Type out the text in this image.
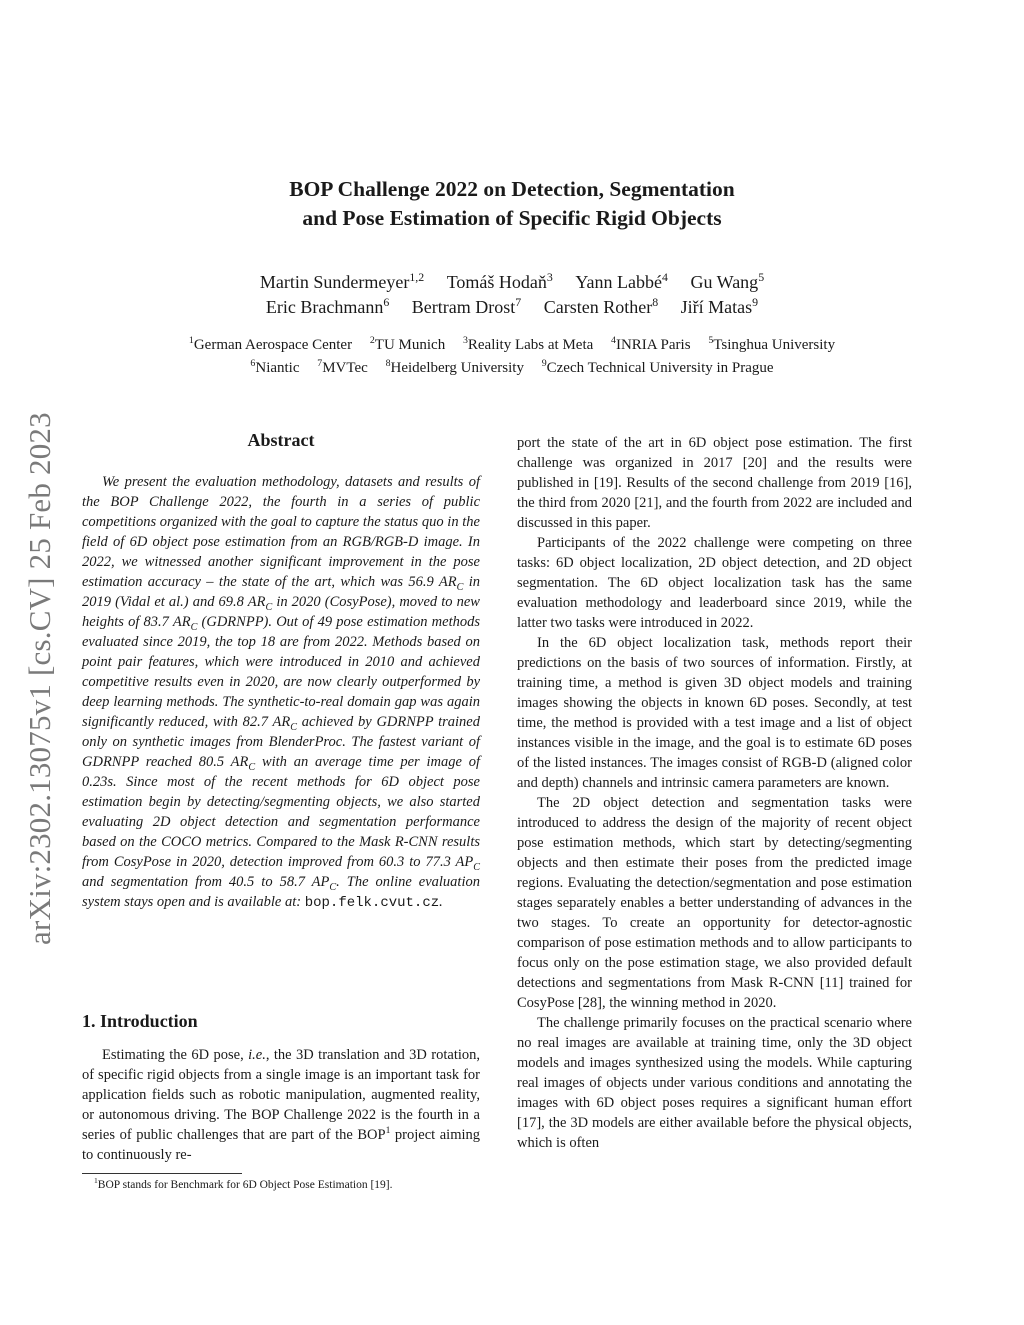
arXiv:2302.13075v1 [cs.CV] 25 Feb 2023
BOP Challenge 2022 on Detection, Segmentation
and Pose Estimation of Specific Rigid Objects
Martin Sundermeyer$^{1,2}$ Tomáš Hodaň$^3$ Yann Labbé$^4$ Gu Wang$^5$
Eric Brachmann$^6$ Bertram Drost$^7$ Carsten Rother$^8$ Jiří Matas$^9$
$^1$German Aerospace Center $^2$TU Munich $^3$Reality Labs at Meta $^4$INRIA Paris $^5$Tsinghua University
$^6$Niantic $^7$MVTec $^8$Heidelberg University $^9$Czech Technical University in Prague
Abstract
We present the evaluation methodology, datasets and results of the BOP Challenge 2022, the fourth in a series of public competitions organized with the goal to capture the status quo in the field of 6D object pose estimation from an RGB/RGB-D image. In 2022, we witnessed another significant improvement in the pose estimation accuracy – the state of the art, which was 56.9 $AR_C$ in 2019 (Vidal et al.) and 69.8 $AR_C$ in 2020 (CosyPose), moved to new heights of 83.7 $AR_C$ (GDRNPP). Out of 49 pose estimation methods evaluated since 2019, the top 18 are from 2022. Methods based on point pair features, which were introduced in 2010 and achieved competitive results even in 2020, are now clearly outperformed by deep learning methods. The synthetic-to-real domain gap was again significantly reduced, with 82.7 $AR_C$ achieved by GDRNPP trained only on synthetic images from BlenderProc. The fastest variant of GDRNPP reached 80.5 $AR_C$ with an average time per image of 0.23s. Since most of the recent methods for 6D object pose estimation begin by detecting/segmenting objects, we also started evaluating 2D object detection and segmentation performance based on the COCO metrics. Compared to the Mask R-CNN results from CosyPose in 2020, detection improved from 60.3 to 77.3 $AP_C$ and segmentation from 40.5 to 58.7 $AP_C$. The online evaluation system stays open and is available at: bop.felk.cvut.cz.
1. Introduction
Estimating the 6D pose, i.e., the 3D translation and 3D rotation, of specific rigid objects from a single image is an important task for application fields such as robotic manipulation, augmented reality, or autonomous driving. The BOP Challenge 2022 is the fourth in a series of public challenges that are part of the BOP$^1$ project aiming to continuously re-
$^1$BOP stands for Benchmark for 6D Object Pose Estimation [19].

port the state of the art in 6D object pose estimation. The first challenge was organized in 2017 [20] and the results were published in [19]. Results of the second challenge from 2019 [16], the third from 2020 [21], and the fourth from 2022 are included and discussed in this paper.

Participants of the 2022 challenge were competing on three tasks: 6D object localization, 2D object detection, and 2D object segmentation. The 6D object localization task has the same evaluation methodology and leaderboard since 2019, while the latter two tasks were introduced in 2022.

In the 6D object localization task, methods report their predictions on the basis of two sources of information. Firstly, at training time, a method is given 3D object models and training images showing the objects in known 6D poses. Secondly, at test time, the method is provided with a test image and a list of object instances visible in the image, and the goal is to estimate 6D poses of the listed instances. The images consist of RGB-D (aligned color and depth) channels and intrinsic camera parameters are known.

The 2D object detection and segmentation tasks were introduced to address the design of the majority of recent object pose estimation methods, which start by detecting/segmenting objects and then estimate their poses from the predicted image regions. Evaluating the detection/segmentation and pose estimation stages separately enables a better understanding of advances in the two stages. To create an opportunity for detector-agnostic comparison of pose estimation methods and to allow participants to focus only on the pose estimation stage, we also provided default detections and segmentations from Mask R-CNN [11] trained for CosyPose [28], the winning method in 2020.

The challenge primarily focuses on the practical scenario where no real images are available at training time, only the 3D object models and images synthesized using the models. While capturing real images of objects under various conditions and annotating the images with 6D object poses requires a significant human effort [17], the 3D models are either available before the physical objects, which is often
